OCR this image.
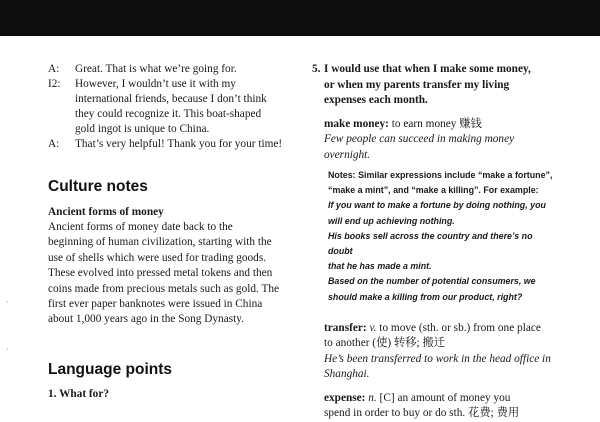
A: Great. That is what we’re going for.
I2: However, I wouldn’t use it with my
international friends, because I don’t think
they could recognize it. This boat-shaped
gold ingot is unique to China.
A: That’s very helpful! Thank you for your time!
Culture notes
Ancient forms of money
Ancient forms of money date back to the
beginning of human civilization, starting with the
use of shells which were used for trading goods.
These evolved into pressed metal tokens and then
coins made from precious metals such as gold. The
first ever paper banknotes were issued in China
about 1,000 years ago in the Song Dynasty.
Language points
1. What for?
5. I would use that when I make some money,
or when my parents transfer my living
expenses each month.
make money: to earn money 赚钱
Few people can succeed in making money
overnight.
Notes: Similar expressions include “make a fortune”,
“make a mint”, and “make a killing”. For example:
If you want to make a fortune by doing nothing, you
will end up achieving nothing.
His books sell across the country and there’s no doubt
that he has made a mint.
Based on the number of potential consumers, we
should make a killing from our product, right?
transfer: v. to move (sth. or sb.) from one place
to another (使) 转移; 搬迁
He’s been transferred to work in the head office in
Shanghai.
expense: n. [C] an amount of money you
spend in order to buy or do sth. 花费; 费用
·
·
